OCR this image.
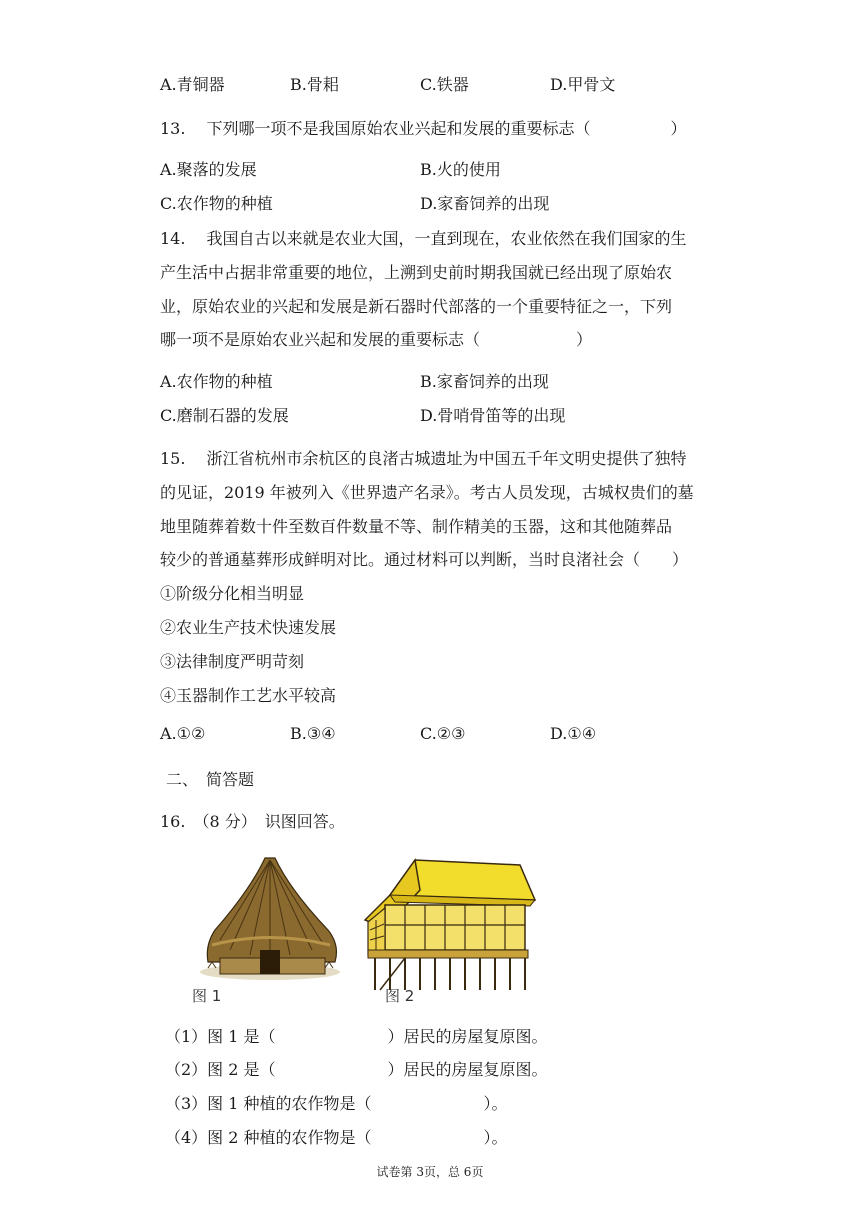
A.青铜器	B.骨耜	C.铁器	D.甲骨文
13.　 下列哪一项不是我国原始农业兴起和发展的重要标志（　　　　　）
A.聚落的发展	B.火的使用
C.农作物的种植	D.家畜饲养的出现
14.　 我国自古以来就是农业大国，一直到现在，农业依然在我们国家的生
产生活中占据非常重要的地位，上溯到史前时期我国就已经出现了原始农
业，原始农业的兴起和发展是新石器时代部落的一个重要特征之一，下列
哪一项不是原始农业兴起和发展的重要标志（　　　　　　）
A.农作物的种植	B.家畜饲养的出现
C.磨制石器的发展	D.骨哨骨笛等的出现
15.　 浙江省杭州市余杭区的良渚古城遗址为中国五千年文明史提供了独特
的见证，2019 年被列入《世界遗产名录》。考古人员发现，古城权贵们的墓
地里随葬着数十件至数百件数量不等、制作精美的玉器，这和其他随葬品
较少的普通墓葬形成鲜明对比。通过材料可以判断，当时良渚社会（　　）
①阶级分化相当明显
②农业生产技术快速发展
③法律制度严明苛刻
④玉器制作工艺水平较高
A.①②	B.③④	C.②③	D.①④
二、　简答题
16.　（8 分）　识图回答。
图 1	图 2
（1）图 1 是（　　　　　　　）居民的房屋复原图。
（2）图 2 是（　　　　　　　）居民的房屋复原图。
（3）图 1 种植的农作物是（　　　　　　　）。
（4）图 2 种植的农作物是（　　　　　　　）。
试卷第 3页，总 6页
